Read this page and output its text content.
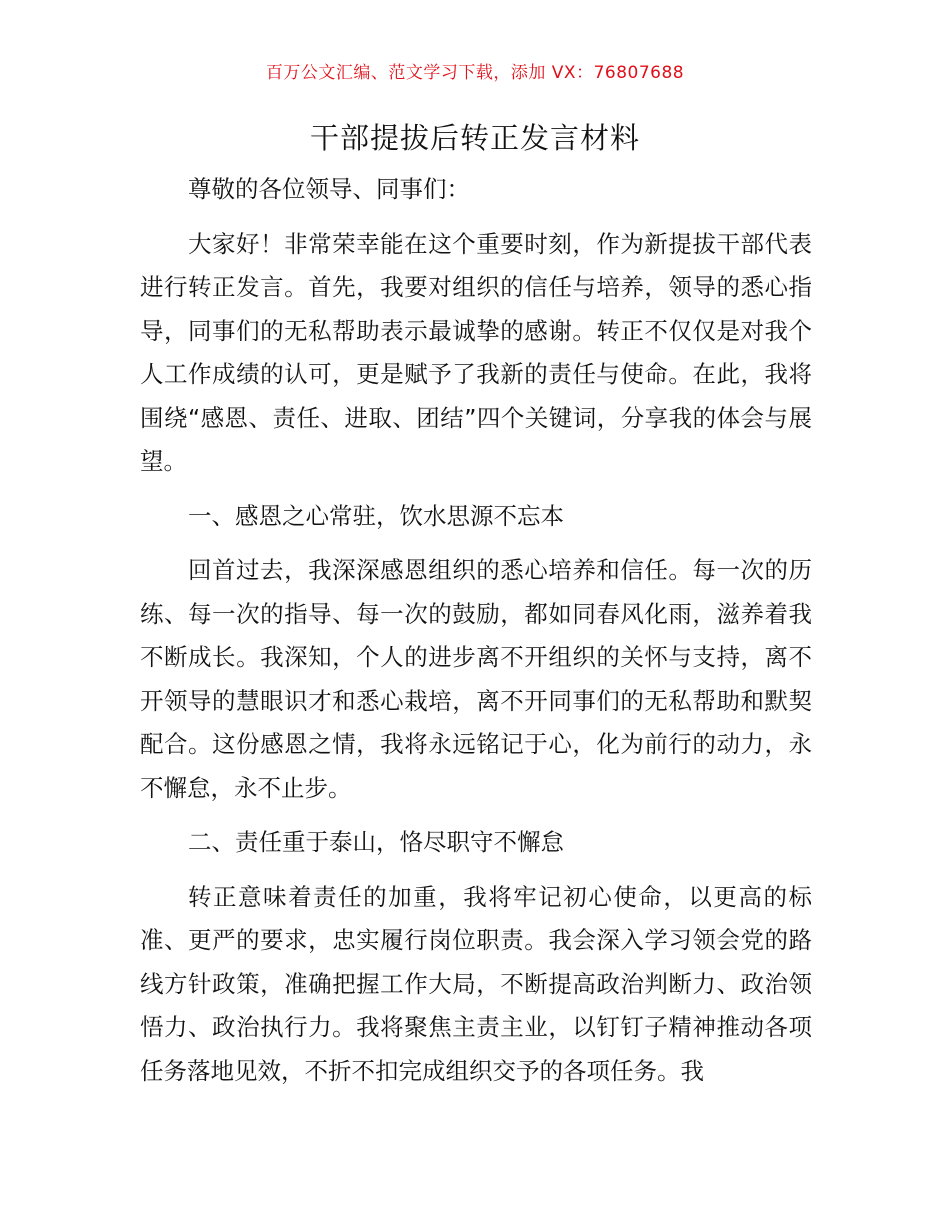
百万公文汇编、范文学习下载，添加 VX：76807688
干部提拔后转正发言材料

尊敬的各位领导、同事们：

大家好！非常荣幸能在这个重要时刻，作为新提拔干部代表进行转正发言。首先，我要对组织的信任与培养，领导的悉心指导，同事们的无私帮助表示最诚挚的感谢。转正不仅仅是对我个人工作成绩的认可，更是赋予了我新的责任与使命。在此，我将围绕“感恩、责任、进取、团结”四个关键词，分享我的体会与展望。

一、感恩之心常驻，饮水思源不忘本

回首过去，我深深感恩组织的悉心培养和信任。每一次的历练、每一次的指导、每一次的鼓励，都如同春风化雨，滋养着我不断成长。我深知，个人的进步离不开组织的关怀与支持，离不开领导的慧眼识才和悉心栽培，离不开同事们的无私帮助和默契配合。这份感恩之情，我将永远铭记于心，化为前行的动力，永不懈怠，永不止步。

二、责任重于泰山，恪尽职守不懈怠

转正意味着责任的加重，我将牢记初心使命，以更高的标准、更严的要求，忠实履行岗位职责。我会深入学习领会党的路线方针政策，准确把握工作大局，不断提高政治判断力、政治领悟力、政治执行力。我将聚焦主责主业，以钉钉子精神推动各项任务落地见效，不折不扣完成组织交予的各项任务。我
